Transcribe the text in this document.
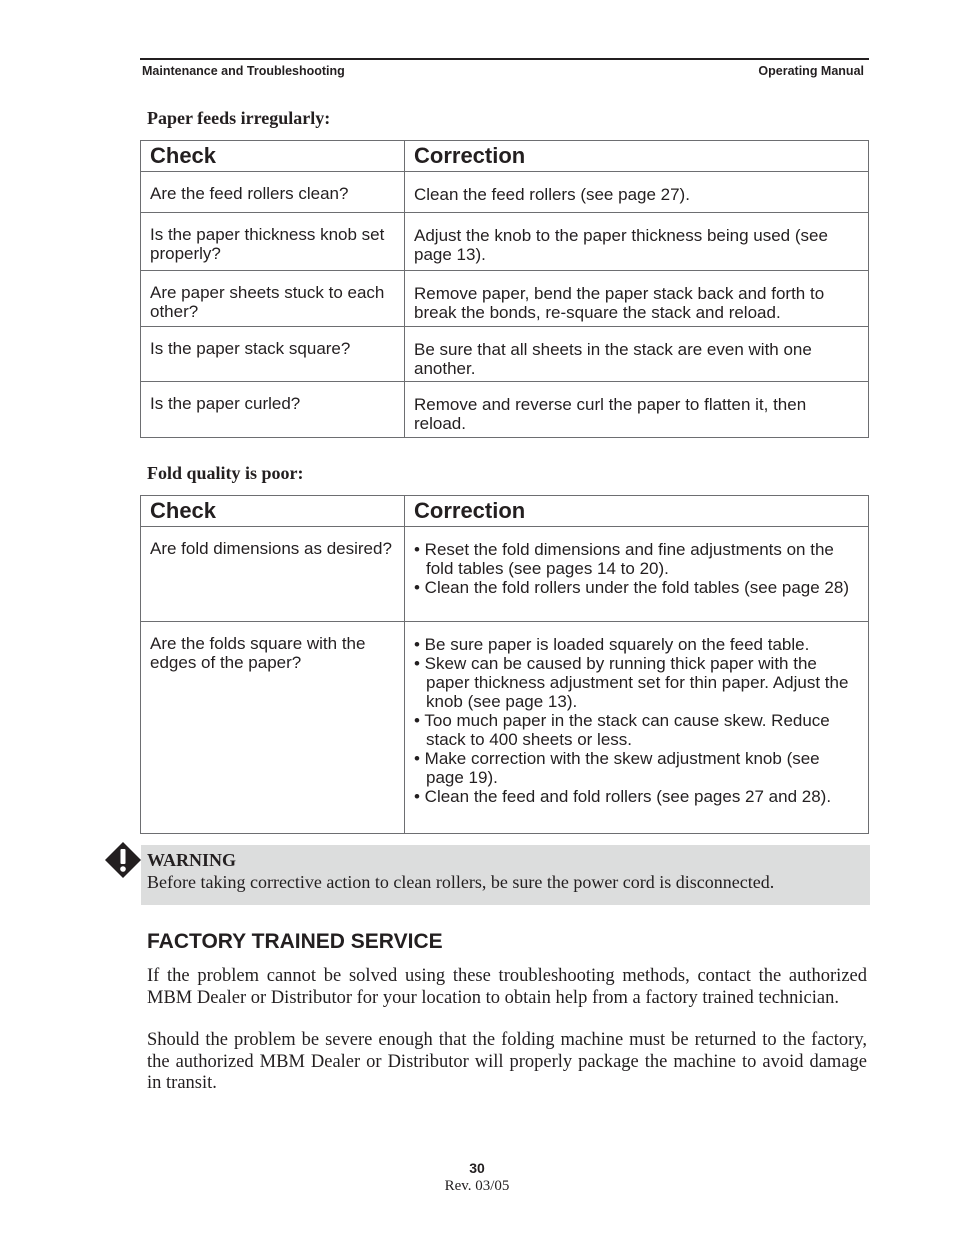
Maintenance and Troubleshooting	Operating Manual
Paper feeds irregularly:
Check	Correction
Are the feed rollers clean?	Clean the feed rollers (see page 27).
Is the paper thickness knob set properly?	Adjust the knob to the paper thickness being used (see page 13).
Are paper sheets stuck to each other?	Remove paper, bend the paper stack back and forth to break the bonds, re-square the stack and reload.
Is the paper stack square?	Be sure that all sheets in the stack are even with one another.
Is the paper curled?	Remove and reverse curl the paper to flatten it, then reload.
Fold quality is poor:
Check	Correction
Are fold dimensions as desired?	• Reset the fold dimensions and fine adjustments on the fold tables (see pages 14 to 20).
• Clean the fold rollers under the fold tables (see page 28)

Are the folds square with the edges of the paper?	• Be sure paper is loaded squarely on the feed table.
• Skew can be caused by running thick paper with the paper thickness adjustment set for thin paper. Adjust the knob (see page 13).
• Too much paper in the stack can cause skew. Reduce stack to 400 sheets or less.
• Make correction with the skew adjustment knob (see page 19).
• Clean the feed and fold rollers (see pages 27 and 28).
WARNING
Before taking corrective action to clean rollers, be sure the power cord is disconnected.
FACTORY TRAINED SERVICE
If the problem cannot be solved using these troubleshooting methods, contact the authorized MBM Dealer or Distributor for your location to obtain help from a factory trained technician.
Should the problem be severe enough that the folding machine must be returned to the factory, the authorized MBM Dealer or Distributor will properly package the machine to avoid damage in transit.
30
Rev. 03/05
